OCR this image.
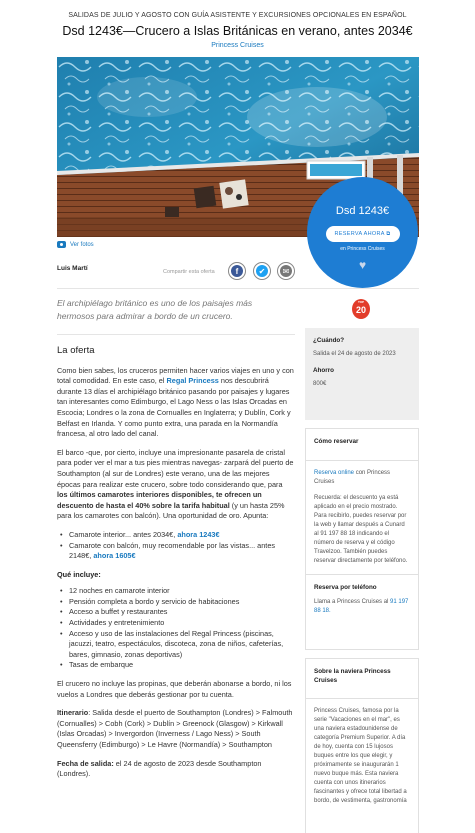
SALIDAS DE JULIO Y AGOSTO CON GUÍA ASISTENTE Y EXCURSIONES OPCIONALES EN ESPAÑOL
Dsd 1243€—Crucero a Islas Británicas en verano, antes 2034€
Princess Cruises
Ver fotos
Dsd 1243€
RESERVA AHORA ⧉
en Princess Cruises
♥
Luis Martí	Compartir esta oferta	f	✔	✉
El archipiélago británico es uno de los paisajes más hermosos para admirar a bordo de un crucero.
TOP
20
La oferta

Como bien sabes, los cruceros permiten hacer varios viajes en uno y con total comodidad. En este caso, el Regal Princess nos descubrirá durante 13 días el archipiélago británico pasando por paisajes y lugares tan interesantes como Edimburgo, el Lago Ness o las Islas Orcadas en Escocia; Londres o la zona de Cornualles en Inglaterra; y Dublín, Cork y Belfast en Irlanda. Y como punto extra, una parada en la Normandía francesa, al otro lado del canal.

El barco -que, por cierto, incluye una impresionante pasarela de cristal para poder ver el mar a tus pies mientras navegas- zarpará del puerto de Southampton (al sur de Londres) este verano, una de las mejores épocas para realizar este crucero, sobre todo considerando que, para los últimos camarotes interiores disponibles, te ofrecen un descuento de hasta el 40% sobre la tarifa habitual (y un hasta 25% para los camarotes con balcón). Una oportunidad de oro. Apunta:

• Camarote interior... antes 2034€, ahora 1243€
• Camarote con balcón, muy recomendable por las vistas... antes 2148€, ahora 1605€
Qué incluye:
• 12 noches en camarote interior
• Pensión completa a bordo y servicio de habitaciones
• Acceso a buffet y restaurantes
• Actividades y entretenimiento
• Acceso y uso de las instalaciones del Regal Princess (piscinas, jacuzzi, teatro, espectáculos, discoteca, zona de niños, cafeterías, bares, gimnasio, zonas deportivas)
• Tasas de embarque

El crucero no incluye las propinas, que deberán abonarse a bordo, ni los vuelos a Londres que deberás gestionar por tu cuenta.

Itinerario: Salida desde el puerto de Southampton (Londres) > Falmouth (Cornualles) > Cobh (Cork) > Dublín > Greenock (Glasgow) > Kirkwall (Islas Orcadas) > Invergordon (Inverness / Lago Ness) > South Queensferry (Edimburgo) > Le Havre (Normandía) > Southampton

Fecha de salida: el 24 de agosto de 2023 desde Southampton (Londres).

¿Cuándo?
Salida el 24 de agosto de 2023
Ahorro
800€
Cómo reservar
Reserva online con Princess Cruises
Recuerda: el descuento ya está aplicado en el precio mostrado. Para recibirlo, puedes reservar por la web y llamar después a Cunard al 91 197 88 18 indicando el número de reserva y el código Travelzoo. También puedes reservar directamente por teléfono.
Reserva por teléfono
Llama a Princess Cruises al 91 197 88 18.
Sobre la naviera Princess Cruises
Princess Cruises, famosa por la serie "Vacaciones en el mar", es una naviera estadounidense de categoría Premium Superior. A día de hoy, cuenta con 15 lujosos buques entre los que elegir, y próximamente se inaugurarán 1 nuevo buque más. Esta naviera cuenta con unos itinerarios fascinantes y ofrece total libertad a bordo, de vestimenta, gastronomía
